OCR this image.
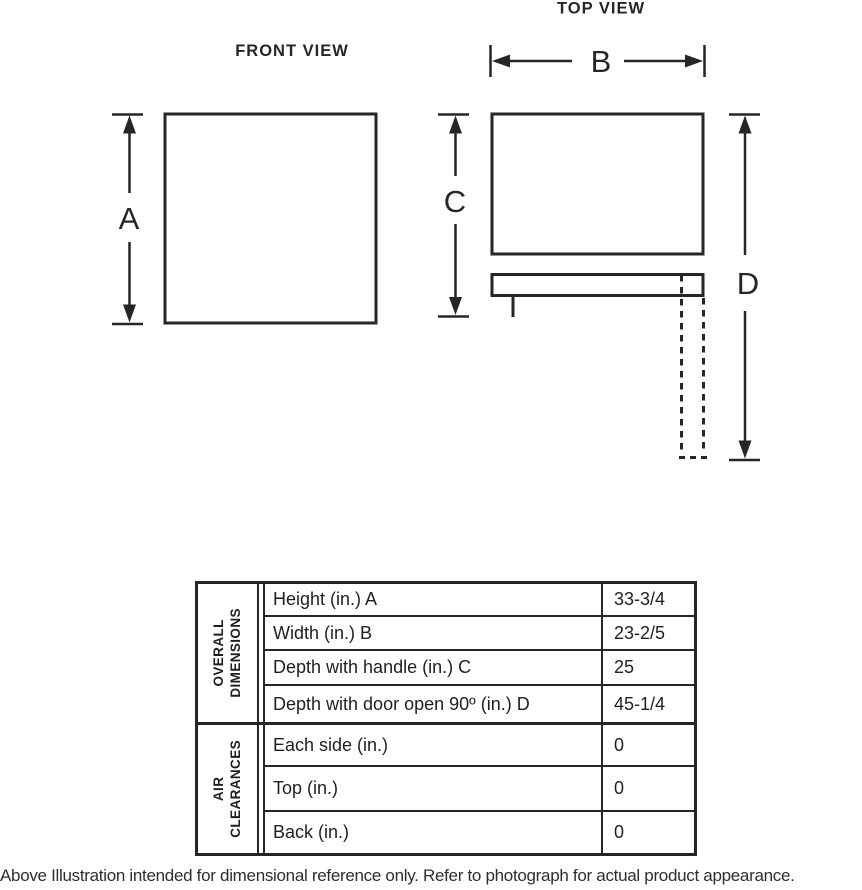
FRONT VIEW
A
TOP VIEW
B
C
D
OVERALL DIMENSIONS
Height (in.) A	33-3/4
Width (in.) B	23-2/5
Depth with handle (in.) C	25
Depth with door open 90º (in.) D	45-1/4
AIR CLEARANCES	Each side (in.)	0
Top (in.)	0
Back (in.)	0
Above Illustration intended for dimensional reference only. Refer to photograph for actual product appearance.
